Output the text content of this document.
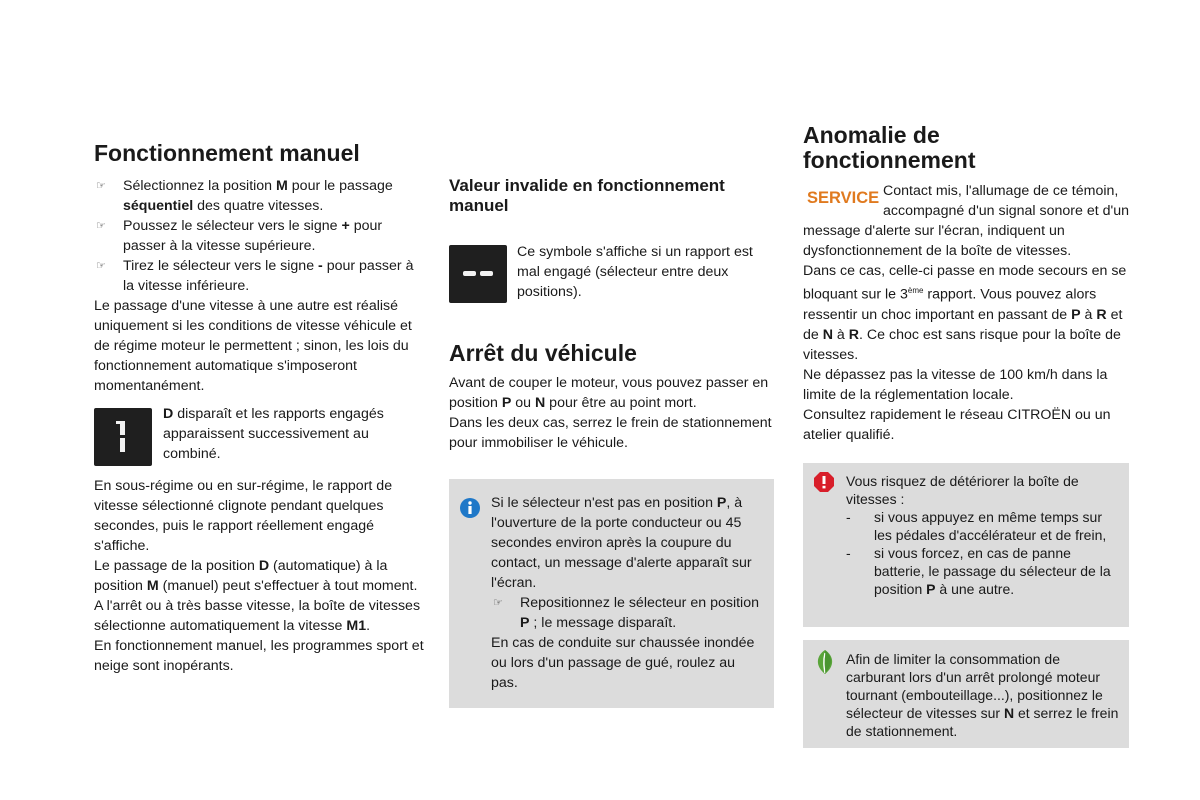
Fonctionnement manuel
☞ Sélectionnez la position M pour le passage séquentiel des quatre vitesses.
☞ Poussez le sélecteur vers le signe + pour passer à la vitesse supérieure.
☞ Tirez le sélecteur vers le signe - pour passer à la vitesse inférieure.

Le passage d'une vitesse à une autre est réalisé uniquement si les conditions de vitesse véhicule et de régime moteur le permettent ; sinon, les lois du fonctionnement automatique s'imposeront momentanément.

D disparaît et les rapports engagés apparaissent successivement au combiné.

En sous-régime ou en sur-régime, le rapport de vitesse sélectionné clignote pendant quelques secondes, puis le rapport réellement engagé s'affiche.

Le passage de la position D (automatique) à la position M (manuel) peut s'effectuer à tout moment.

A l'arrêt ou à très basse vitesse, la boîte de vitesses sélectionne automatiquement la vitesse M1.

En fonctionnement manuel, les programmes sport et neige sont inopérants.

Valeur invalide en fonctionnement manuel

Ce symbole s'affiche si un rapport est mal engagé (sélecteur entre deux positions).

Arrêt du véhicule

Avant de couper le moteur, vous pouvez passer en position P ou N pour être au point mort.

Dans les deux cas, serrez le frein de stationnement pour immobiliser le véhicule.

Si le sélecteur n'est pas en position P, à l'ouverture de la porte conducteur ou 45 secondes environ après la coupure du contact, un message d'alerte apparaît sur l'écran.

☞ Repositionnez le sélecteur en position P ; le message disparaît.

En cas de conduite sur chaussée inondée ou lors d'un passage de gué, roulez au pas.

Anomalie de fonctionnement
SERVICE Contact mis, l'allumage de ce témoin, accompagné d'un signal sonore et d'un message d'alerte sur l'écran, indiquent un dysfonctionnement de la boîte de vitesses.

Dans ce cas, celle-ci passe en mode secours en se bloquant sur le 3ème rapport. Vous pouvez alors ressentir un choc important en passant de P à R et de N à R. Ce choc est sans risque pour la boîte de vitesses.

Ne dépassez pas la vitesse de 100 km/h dans la limite de la réglementation locale.

Consultez rapidement le réseau CITROËN ou un atelier qualifié.

Vous risquez de détériorer la boîte de vitesses :

- si vous appuyez en même temps sur les pédales d'accélérateur et de frein,
- si vous forcez, en cas de panne batterie, le passage du sélecteur de la position P à une autre.

Afin de limiter la consommation de carburant lors d'un arrêt prolongé moteur tournant (embouteillage...), positionnez le sélecteur de vitesses sur N et serrez le frein de stationnement.
